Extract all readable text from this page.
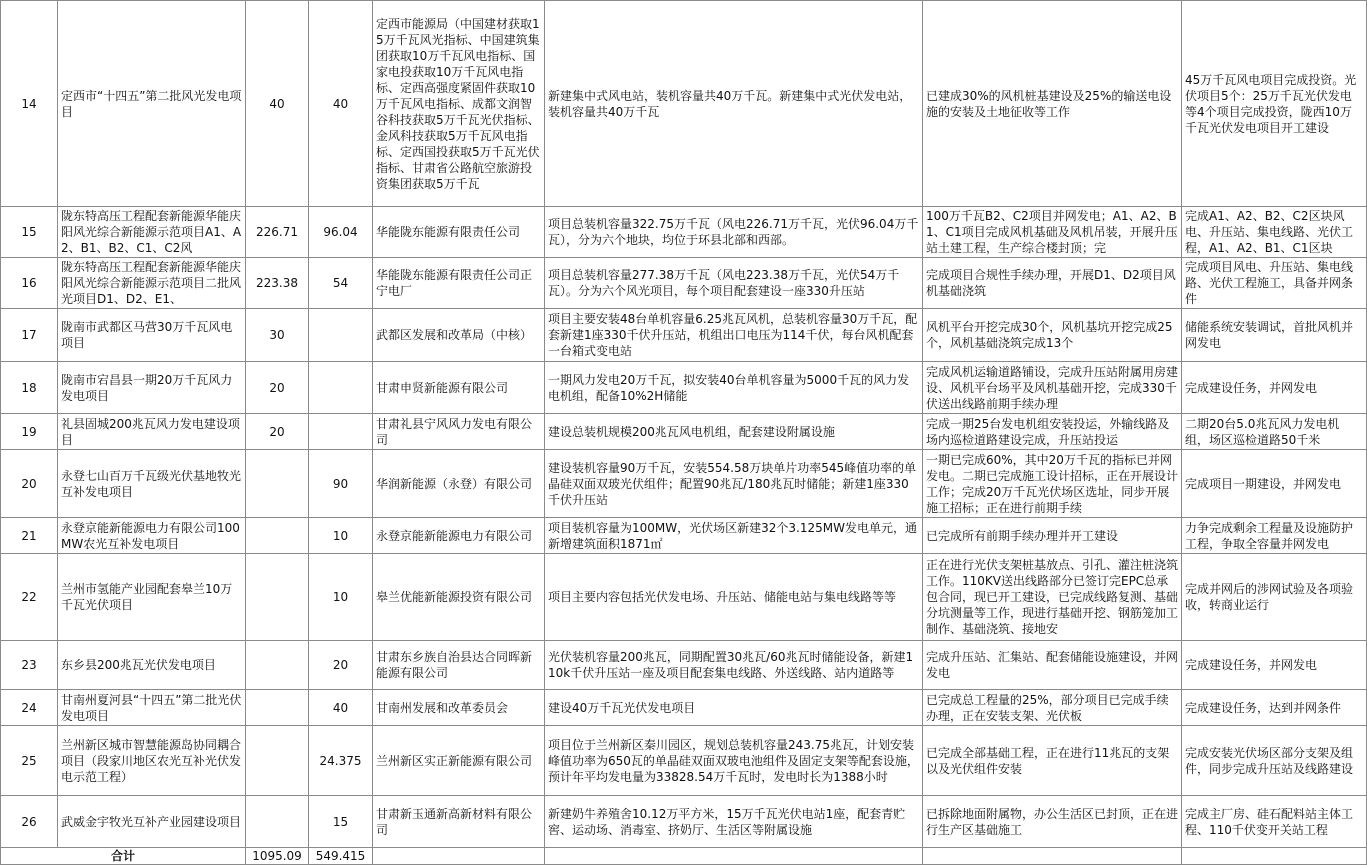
14	定西市“十四五”第二批风光发电项目	40	40	定西市能源局（中国建材获取15万千瓦风光指标、中国建筑集团获取10万千瓦风电指标、国家电投获取10万千瓦风电指标、定西高强度紧固件获取10万千瓦风电指标、成都文润智谷科技获取5万千瓦光伏指标、金风科技获取5万千瓦风电指标、定西国投获取5万千瓦光伏指标、甘肃省公路航空旅游投资集团获取5万千瓦	新建集中式风电站，装机容量共40万千瓦。新建集中式光伏发电站，装机容量共40万千瓦	已建成30%的风机桩基建设及25%的输送电设施的安装及土地征收等工作	45万千瓦风电项目完成投资。光伏项目5个：25万千瓦光伏发电等4个项目完成投资，陇西10万千瓦光伏发电项目开工建设

15	陇东特高压工程配套新能源华能庆阳风光综合新能源示范项目A1、A2、B1、B2、C1、C2风	226.71	96.04	华能陇东能源有限责任公司	项目总装机容量322.75万千瓦（风电226.71万千瓦，光伏96.04万千瓦），分为六个地块，均位于环县北部和西部。	100万千瓦B2、C2项目并网发电；A1、A2、B1、C1项目完成风机基础及风机吊装，开展升压站土建工程，生产综合楼封顶；完	完成A1、A2、B2、C2区块风电、升压站、集电线路、光伏工程，A1、A2、B1、C1区块

16	陇东特高压工程配套新能源华能庆阳风光综合新能源示范项目二批风光项目D1、D2、E1、	223.38	54	华能陇东能源有限责任公司正宁电厂	项目总装机容量277.38万千瓦（风电223.38万千瓦，光伏54万千瓦）。分为六个风光项目，每个项目配套建设一座330升压站	完成项目合规性手续办理，开展D1、D2项目风机基础浇筑	完成项目风电、升压站、集电线路、光伏工程施工，具备并网条件

17	陇南市武都区马营30万千瓦风电项目	30		武都区发展和改革局（中核）	项目主要安装48台单机容量6.25兆瓦风机，总装机容量30万千瓦，配套新建1座330千伏升压站，机组出口电压为114千伏，每台风机配套一台箱式变电站	风机平台开挖完成30个，风机基坑开挖完成25个，风机基础浇筑完成13个	储能系统安装调试，首批风机并网发电

18	陇南市宕昌县一期20万千瓦风力发电项目	20		甘肃申贤新能源有限公司	一期风力发电20万千瓦，拟安装40台单机容量为5000千瓦的风力发电机组，配备10%2H储能	完成风机运输道路铺设，完成升压站附属用房建设、风机平台场平及风机基础开挖，完成330千伏送出线路前期手续办理	完成建设任务，并网发电

19	礼县固城200兆瓦风力发电建设项目	20		甘肃礼县宁风风力发电有限公司	建设总装机规模200兆瓦风电机组，配套建设附属设施	完成一期25台发电机组安装投运，外输线路及场内巡检道路建设完成，升压站投运	二期20台5.0兆瓦风力发电机组，场区巡检道路50千米

20	永登七山百万千瓦级光伏基地牧光互补发电项目		90	华润新能源（永登）有限公司	建设装机容量90万千瓦，安装554.58万块单片功率545峰值功率的单晶硅双面双玻光伏组件；配置90兆瓦/180兆瓦时储能；新建1座330千伏升压站	一期已完成60%，其中20万千瓦的指标已并网发电。二期已完成施工设计招标，正在开展设计工作；完成20万千瓦光伏场区选址，同步开展施工招标；正在进行前期手续	完成项目一期建设，并网发电

21	永登京能新能源电力有限公司100MW农光互补发电项目		10	永登京能新能源电力有限公司	项目装机容量为100MW，光伏场区新建32个3.125MW发电单元，通新增建筑面积1871㎡	已完成所有前期手续办理并开工建设	力争完成剩余工程量及设施防护工程，争取全容量并网发电

22	兰州市氢能产业园配套皋兰10万千瓦光伏项目		10	皋兰优能新能源投资有限公司	项目主要内容包括光伏发电场、升压站、储能电站与集电线路等等	正在进行光伏支架桩基放点、引孔、灌注桩浇筑工作。110KV送出线路部分已签订完EPC总承包合同，现已开工建设，已完成线路复测、基础分坑测量等工作，现进行基础开挖、钢筋笼加工制作、基础浇筑、接地安	完成并网后的涉网试验及各项验收，转商业运行

23	东乡县200兆瓦光伏发电项目		20	甘肃东乡族自治县达合同晖新能源有限公司	光伏装机容量200兆瓦，同期配置30兆瓦/60兆瓦时储能设备，新建110k千伏升压站一座及项目配套集电线路、外送线路、站内道路等	完成升压站、汇集站、配套储能设施建设，并网发电	完成建设任务，并网发电

24	甘南州夏河县“十四五”第二批光伏发电项目		40	甘南州发展和改革委员会	建设40万千瓦光伏发电项目	已完成总工程量的25%，部分项目已完成手续办理，正在安装支架、光伏板	完成建设任务，达到并网条件

25	兰州新区城市智慧能源岛协同耦合项目（段家川地区农光互补光伏发电示范工程）		24.375	兰州新区实正新能源有限公司	项目位于兰州新区秦川园区，规划总装机容量243.75兆瓦，计划安装峰值功率为650瓦的单晶硅双面双玻电池组件及固定支架等配套设施，预计年平均发电量为33828.54万千瓦时，发电时长为1388小时	已完成全部基础工程，正在进行11兆瓦的支架以及光伏组件安装	完成安装光伏场区部分支架及组件，同步完成升压站及线路建设

26	武威金宇牧光互补产业园建设项目		15	甘肃新玉通新高新材料有限公司	新建奶牛养殖舍10.12万平方米，15万千瓦光伏电站1座，配套青贮窖、运动场、消毒室、挤奶厅、生活区等附属设施	已拆除地面附属物，办公生活区已封顶，正在进行生产区基础施工	完成主厂房、硅石配料站主体工程、110千伏变开关站工程

合计		1095.09	549.415				
